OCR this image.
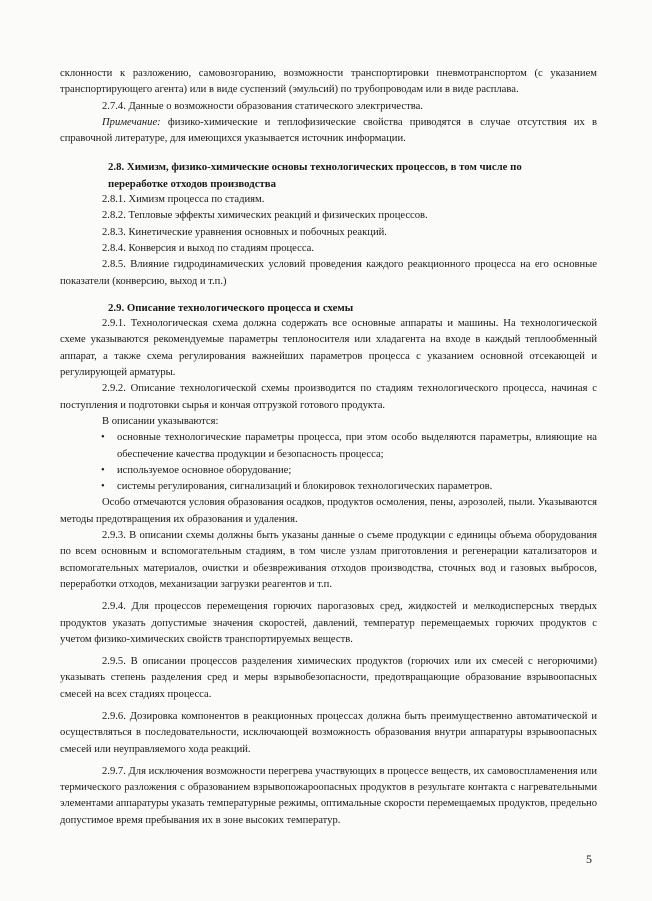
склонности к разложению, самовозгоранию, возможности транспортировки пневмотранспортом (с указанием транспортирующего агента) или в виде суспензий (эмульсий) по трубопроводам или в виде расплава.

2.7.4. Данные о возможности образования статического электричества.

Примечание: физико-химические и теплофизические свойства приводятся в случае отсутствия их в справочной литературе, для имеющихся указывается источник информации.

2.8. Химизм, физико-химические основы технологических процессов, в том числе по переработке отходов производства

2.8.1. Химизм процесса по стадиям.

2.8.2. Тепловые эффекты химических реакций и физических процессов.

2.8.3. Кинетические уравнения основных и побочных реакций.

2.8.4. Конверсия и выход по стадиям процесса.

2.8.5. Влияние гидродинамических условий проведения каждого реакционного процесса на его основные показатели (конверсию, выход и т.п.)

2.9. Описание технологического процесса и схемы

2.9.1. Технологическая схема должна содержать все основные аппараты и машины. На технологической схеме указываются рекомендуемые параметры теплоносителя или хладагента на входе в каждый теплообменный аппарат, а также схема регулирования важнейших параметров процесса с указанием основной отсекающей и регулирующей арматуры.

2.9.2. Описание технологической схемы производится по стадиям технологического процесса, начиная с поступления и подготовки сырья и кончая отгрузкой готового продукта.

В описании указываются:

• основные технологические параметры процесса, при этом особо выделяются параметры, влияющие на обеспечение качества продукции и безопасность процесса;
• используемое основное оборудование;
• системы регулирования, сигнализаций и блокировок технологических параметров.

Особо отмечаются условия образования осадков, продуктов осмоления, пены, аэрозолей, пыли. Указываются методы предотвращения их образования и удаления.

2.9.3. В описании схемы должны быть указаны данные о съеме продукции с единицы объема оборудования по всем основным и вспомогательным стадиям, в том числе узлам приготовления и регенерации катализаторов и вспомогательных материалов, очистки и обезвреживания отходов производства, сточных вод и газовых выбросов, переработки отходов, механизации загрузки реагентов и т.п.

2.9.4. Для процессов перемещения горючих парогазовых сред, жидкостей и мелкодисперсных твердых продуктов указать допустимые значения скоростей, давлений, температур перемещаемых горючих продуктов с учетом физико-химических свойств транспортируемых веществ.

2.9.5. В описании процессов разделения химических продуктов (горючих или их смесей с негорючими) указывать степень разделения сред и меры взрывобезопасности, предотвращающие образование взрывоопасных смесей на всех стадиях процесса.

2.9.6. Дозировка компонентов в реакционных процессах должна быть преимущественно автоматической и осуществляться в последовательности, исключающей возможность образования внутри аппаратуры взрывоопасных смесей или неуправляемого хода реакций.

2.9.7. Для исключения возможности перегрева участвующих в процессе веществ, их самовоспламенения или термического разложения с образованием взрывопожароопасных продуктов в результате контакта с нагревательными элементами аппаратуры указать температурные режимы, оптимальные скорости перемещаемых продуктов, предельно допустимое время пребывания их в зоне высоких температур.

5
